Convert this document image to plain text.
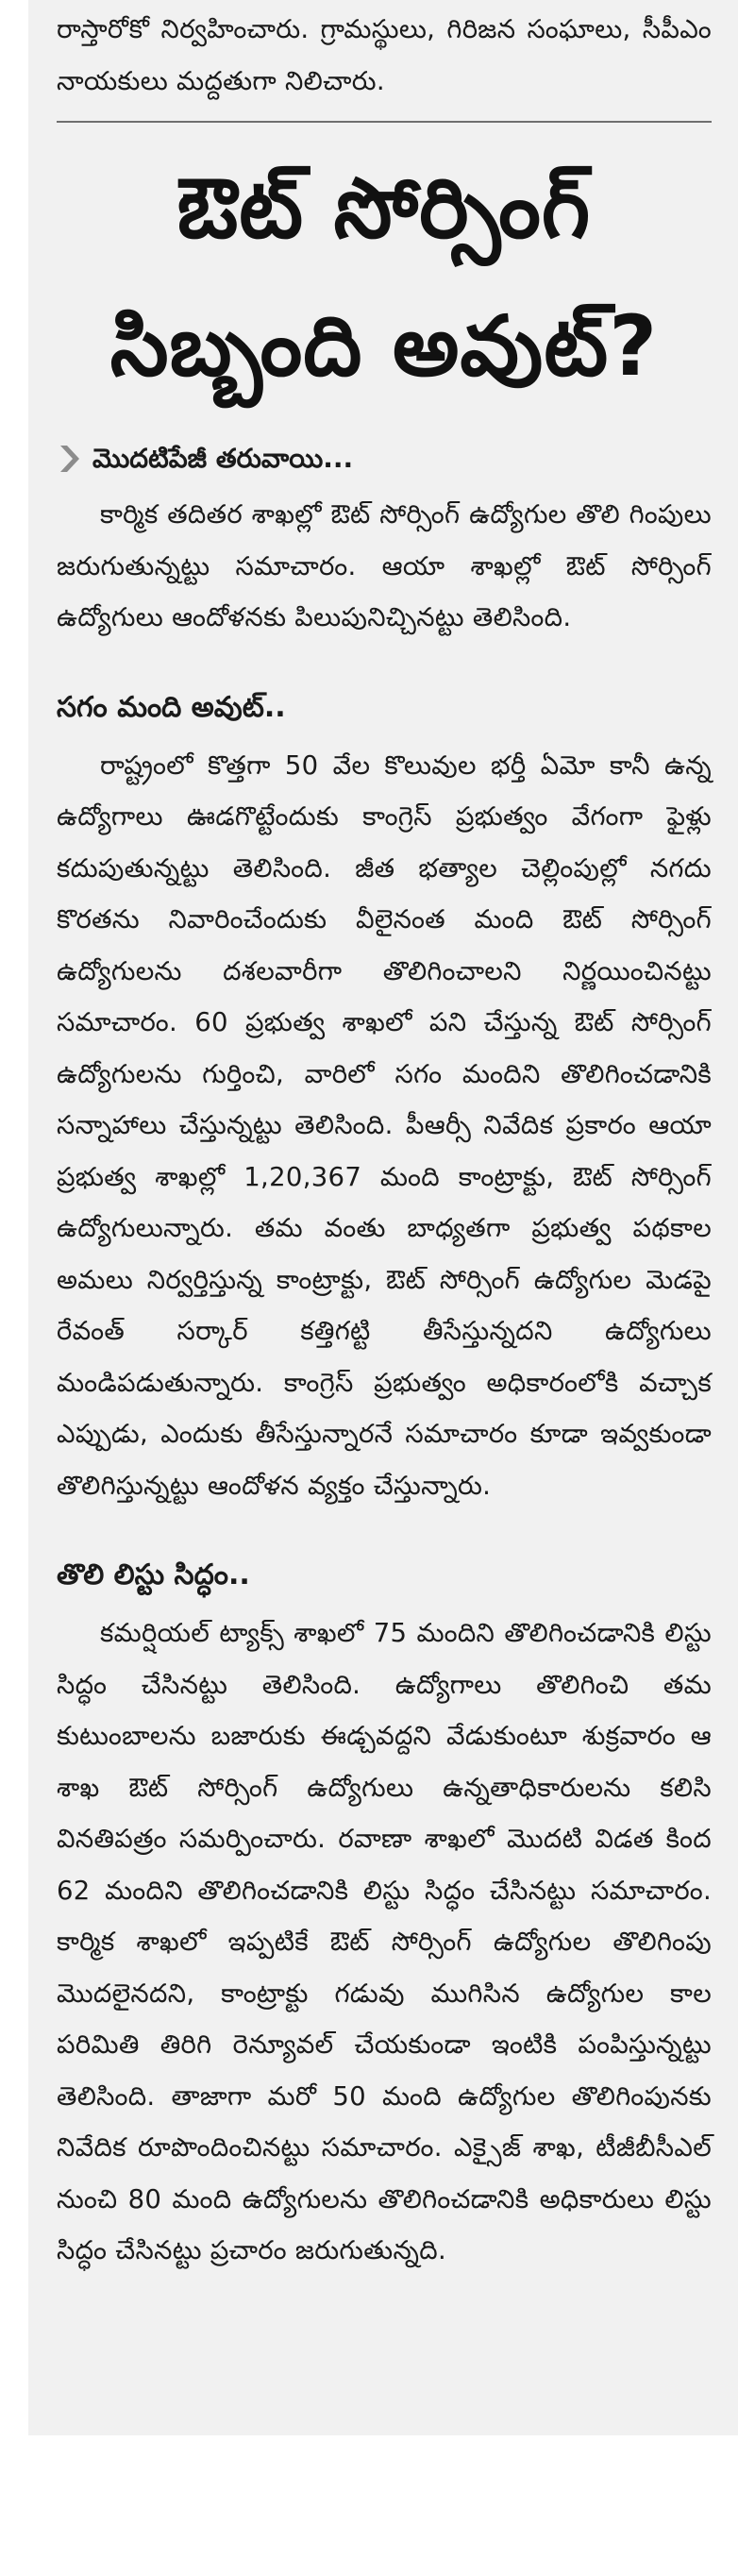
రాస్తారోకో నిర్వహించారు. గ్రామస్థులు, గిరిజన సంఘాలు, సీపీఎం నాయకులు మద్దతుగా నిలిచారు.

ఔట్ సోర్సింగ్
సిబ్బంది అవుట్?
మొదటిపేజీ తరువాయి...

కార్మిక తదితర శాఖల్లో ఔట్ సోర్సింగ్ ఉద్యోగుల తొలి గింపులు జరుగుతున్నట్టు సమాచారం. ఆయా శాఖల్లో ఔట్ సోర్సింగ్ ఉద్యోగులు ఆందోళనకు పిలుపునిచ్చినట్టు తెలిసింది.

సగం మంది అవుట్..

రాష్ట్రంలో కొత్తగా 50 వేల కొలువుల భర్తీ ఏమో కానీ ఉన్న ఉద్యోగాలు ఊడగొట్టేందుకు కాంగ్రెస్ ప్రభుత్వం వేగంగా ఫైళ్లు కదుపుతున్నట్టు తెలిసింది. జీత భత్యాల చెల్లింపుల్లో నగదు కొరతను నివారించేందుకు వీలైనంత మంది ఔట్ సోర్సింగ్ ఉద్యోగులను దశలవారీగా తొలిగించాలని నిర్ణయించినట్టు సమాచారం. 60 ప్రభుత్వ శాఖలో పని చేస్తున్న ఔట్ సోర్సింగ్ ఉద్యోగులను గుర్తించి, వారిలో సగం మందిని తొలిగించడానికి సన్నాహాలు చేస్తున్నట్టు తెలిసింది. పీఆర్సీ నివేదిక ప్రకారం ఆయా ప్రభుత్వ శాఖల్లో 1,20,367 మంది కాంట్రాక్టు, ఔట్ సోర్సింగ్ ఉద్యోగులున్నారు. తమ వంతు బాధ్యతగా ప్రభుత్వ పథకాల అమలు నిర్వర్తిస్తున్న కాంట్రాక్టు, ఔట్ సోర్సింగ్ ఉద్యోగుల మెడపై రేవంత్ సర్కార్ కత్తిగట్టి తీసేస్తున్నదని ఉద్యోగులు మండిపడుతున్నారు. కాంగ్రెస్ ప్రభుత్వం అధికారంలోకి వచ్చాక ఎప్పుడు, ఎందుకు తీసేస్తున్నారనే సమాచారం కూడా ఇవ్వకుండా తొలిగిస్తున్నట్టు ఆందోళన వ్యక్తం చేస్తున్నారు.

తొలి లిస్టు సిద్ధం..

కమర్షియల్ ట్యాక్స్ శాఖలో 75 మందిని తొలిగించడానికి లిస్టు సిద్ధం చేసినట్టు తెలిసింది. ఉద్యోగాలు తొలిగించి తమ కుటుంబాలను బజారుకు ఈడ్చవద్దని వేడుకుంటూ శుక్రవారం ఆ శాఖ ఔట్ సోర్సింగ్ ఉద్యోగులు ఉన్నతాధికారులను కలిసి వినతిపత్రం సమర్పించారు. రవాణా శాఖలో మొదటి విడత కింద 62 మందిని తొలిగించడానికి లిస్టు సిద్ధం చేసినట్టు సమాచారం. కార్మిక శాఖలో ఇప్పటికే ఔట్ సోర్సింగ్ ఉద్యోగుల తొలిగింపు మొదలైనదని, కాంట్రాక్టు గడువు ముగిసిన ఉద్యోగుల కాల పరిమితి తిరిగి రెన్యూవల్ చేయకుండా ఇంటికి పంపిస్తున్నట్టు తెలిసింది. తాజాగా మరో 50 మంది ఉద్యోగుల తొలిగింపునకు నివేదిక రూపొందించినట్టు సమాచారం. ఎక్సైజ్ శాఖ, టీజీబీసీఎల్ నుంచి 80 మంది ఉద్యోగులను తొలిగించడానికి అధికారులు లిస్టు సిద్ధం చేసినట్టు ప్రచారం జరుగుతున్నది.
